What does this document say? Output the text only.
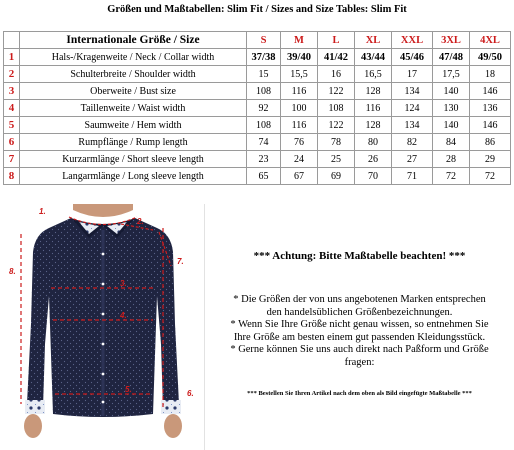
Größen und Maßtabellen: Slim Fit / Sizes and Size Tables: Slim Fit
	Internationale Größe / Size	S	M	L	XL	XXL	3XL	4XL
1	Hals-/Kragenweite / Neck / Collar width	37/38	39/40	41/42	43/44	45/46	47/48	49/50
2	Schulterbreite / Shoulder width	15	15,5	16	16,5	17	17,5	18
3	Oberweite / Bust size	108	116	122	128	134	140	146
4	Taillenweite / Waist width	92	100	108	116	124	130	136
5	Saumweite / Hem width	108	116	122	128	134	140	146
6	Rumpflänge / Rump length	74	76	78	80	82	84	86
7	Kurzarmlänge / Short sleeve length	23	24	25	26	27	28	29
8	Langarmlänge / Long sleeve length	65	67	69	70	71	72	72
1.
2.
3.
4.
5.	6.
7.
8.
*** Achtung: Bitte Maßtabelle beachten! ***
* Die Größen der von uns angebotenen Marken entsprechen
den handelsüblichen Größenbezeichnungen.
* Wenn Sie Ihre Größe nicht genau wissen, so entnehmen Sie
Ihre Größe am besten einem gut passenden Kleidungsstück.
* Gerne können Sie uns auch direkt nach Paßform und Größe
fragen:
*** Bestellen Sie Ihren Artikel nach dem oben als Bild eingefügte Maßtabelle ***
